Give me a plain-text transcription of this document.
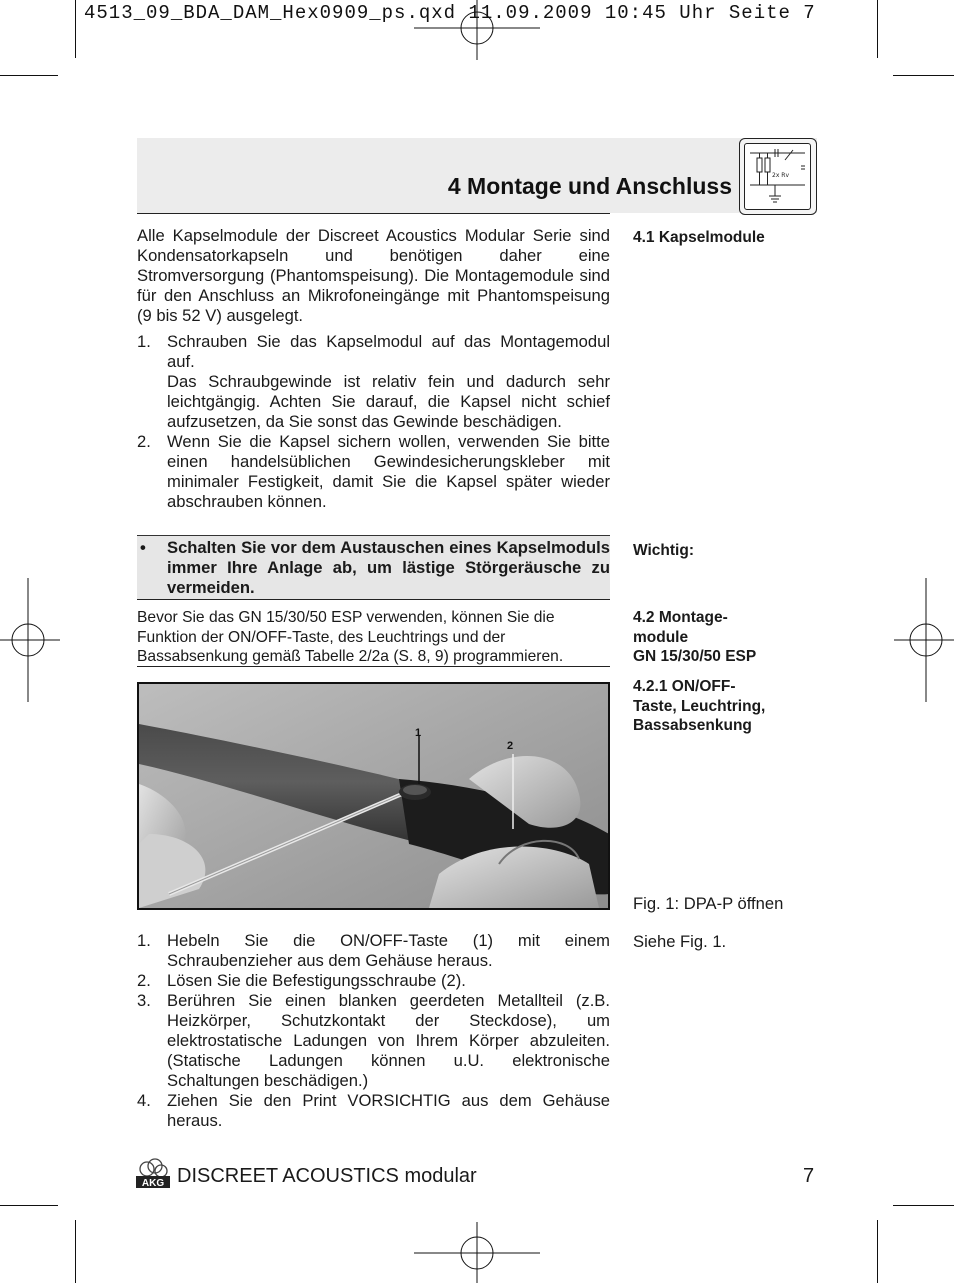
4513_09_BDA_DAM_Hex0909_ps.qxd 11.09.2009 10:45 Uhr Seite 7
4 Montage und Anschluss	2x Rv
Alle Kapselmodule der Discreet Acoustics Modular Serie sind Kondensatorkapseln und benötigen daher eine Stromversorgung (Phantomspeisung). Die Montagemodule sind für den Anschluss an Mikrofoneingänge mit Phantomspeisung (9 bis 52 V) ausgelegt.
1. Schrauben Sie das Kapselmodul auf das Montagemodul auf.
Das Schraubgewinde ist relativ fein und dadurch sehr leichtgängig. Achten Sie darauf, die Kapsel nicht schief aufzusetzen, da Sie sonst das Gewinde beschädigen.
2. Wenn Sie die Kapsel sichern wollen, verwenden Sie bitte einen handelsüblichen Gewindesicherungskleber mit minimaler Festigkeit, damit Sie die Kapsel später wieder abschrauben können.
• Schalten Sie vor dem Austauschen eines Kapselmoduls immer Ihre Anlage ab, um lästige Störgeräusche zu vermeiden.
Bevor Sie das GN 15/30/50 ESP verwenden, können Sie die Funktion der ON/OFF-Taste, des Leuchtrings und der Bassabsenkung gemäß Tabelle 2/2a (S. 8, 9) programmieren.
1
2
1. Hebeln Sie die ON/OFF-Taste (1) mit einem Schraubenzieher aus dem Gehäuse heraus.
2. Lösen Sie die Befestigungsschraube (2).
3. Berühren Sie einen blanken geerdeten Metallteil (z.B. Heizkörper, Schutzkontakt der Steckdose), um elektrostatische Ladungen von Ihrem Körper abzuleiten. (Statische Ladungen können u.U. elektronische Schaltungen beschädigen.)
4. Ziehen Sie den Print VORSICHTIG aus dem Gehäuse heraus.
4.1 Kapselmodule
Wichtig:
4.2 Montage-
module
GN 15/30/50 ESP
4.2.1 ON/OFF-
Taste, Leuchtring,
Bassabsenkung
Fig. 1: DPA-P öffnen
Siehe Fig. 1.
AKG DISCREET ACOUSTICS modular	7
